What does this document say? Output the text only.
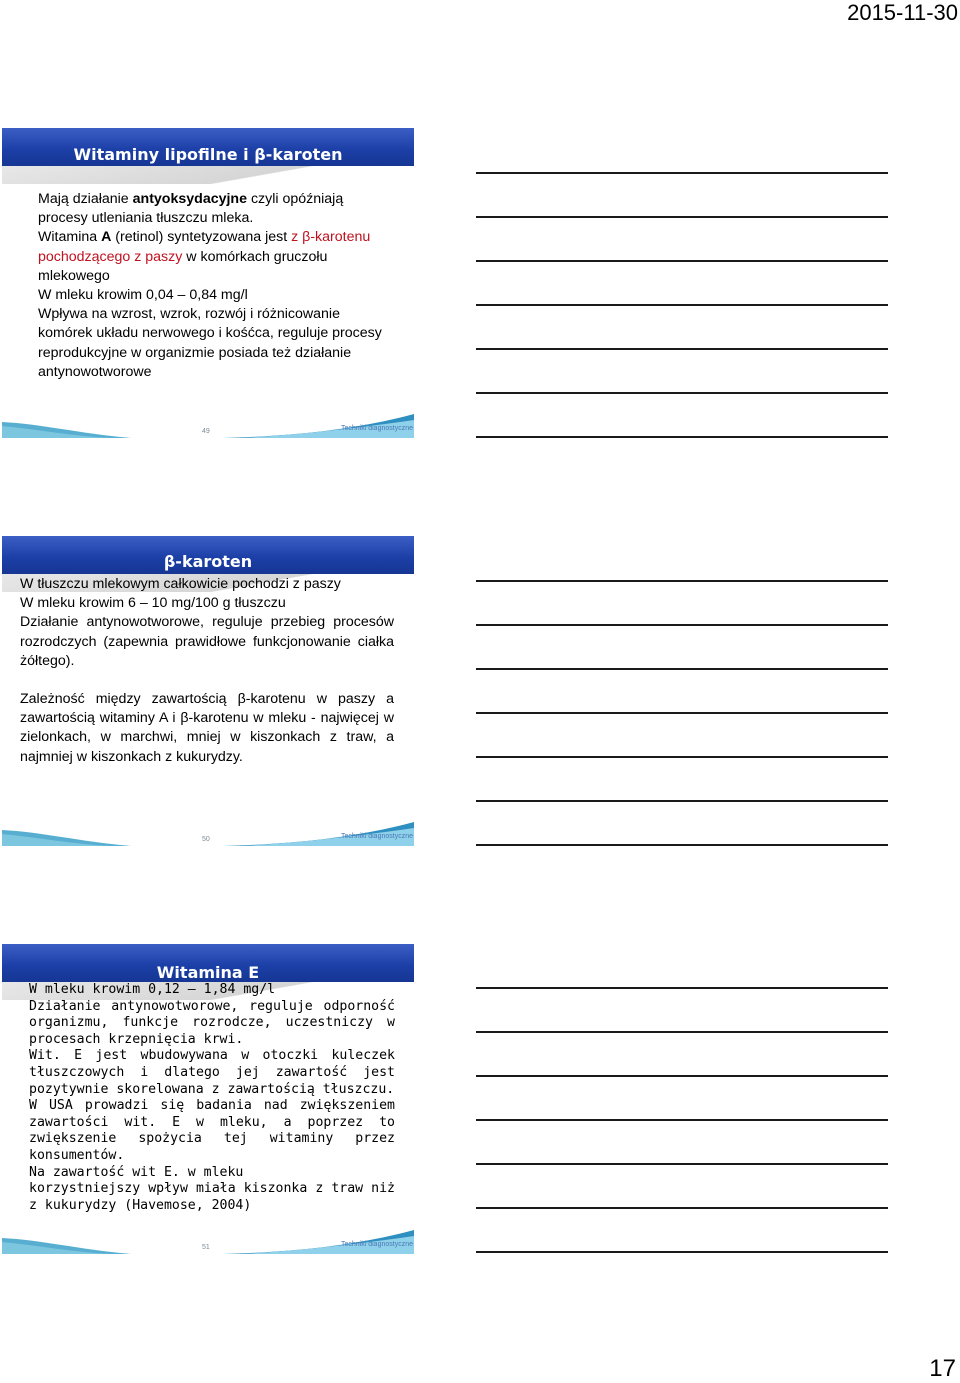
2015-11-30
Witaminy lipofilne i β-karoten

Mają działanie antyoksydacyjne czyli opóźniają procesy utleniania tłuszczu mleka.

Witamina A (retinol) syntetyzowana jest z β-karotenu pochodzącego z paszy w komórkach gruczołu mlekowego

W mleku krowim 0,04 – 0,84 mg/l

Wpływa na wzrost, wzrok, rozwój i różnicowanie komórek układu nerwowego i kośćca, reguluje procesy reprodukcyjne w organizmie posiada też działanie antynowotworowe

49	Techniki diagnostyczne
β-karoten

W tłuszczu mlekowym całkowicie pochodzi z paszy

W mleku krowim 6 – 10 mg/100 g tłuszczu

Działanie antynowotworowe, reguluje przebieg procesów rozrodczych (zapewnia prawidłowe funkcjonowanie ciałka żółtego).

Zależność między zawartością β-karotenu w paszy a zawartością witaminy A i β-karotenu w mleku - najwięcej w zielonkach, w marchwi, mniej w kiszonkach z traw, a najmniej w kiszonkach z kukurydzy.

50	Techniki diagnostyczne
Witamina E

W mleku krowim 0,12 – 1,84 mg/l

Działanie antynowotworowe, reguluje odporność organizmu, funkcje rozrodcze, uczestniczy w procesach krzepnięcia krwi.

Wit. E jest wbudowywana w otoczki kuleczek tłuszczowych i dlatego jej zawartość jest pozytywnie skorelowana z zawartością tłuszczu.

W USA prowadzi się badania nad zwiększeniem zawartości wit. E w mleku, a poprzez to zwiększenie spożycia tej witaminy przez konsumentów.

Na zawartość wit E. w mleku

korzystniejszy wpływ miała kiszonka z traw niż z kukurydzy (Havemose, 2004)

51	Techniki diagnostyczne
17
